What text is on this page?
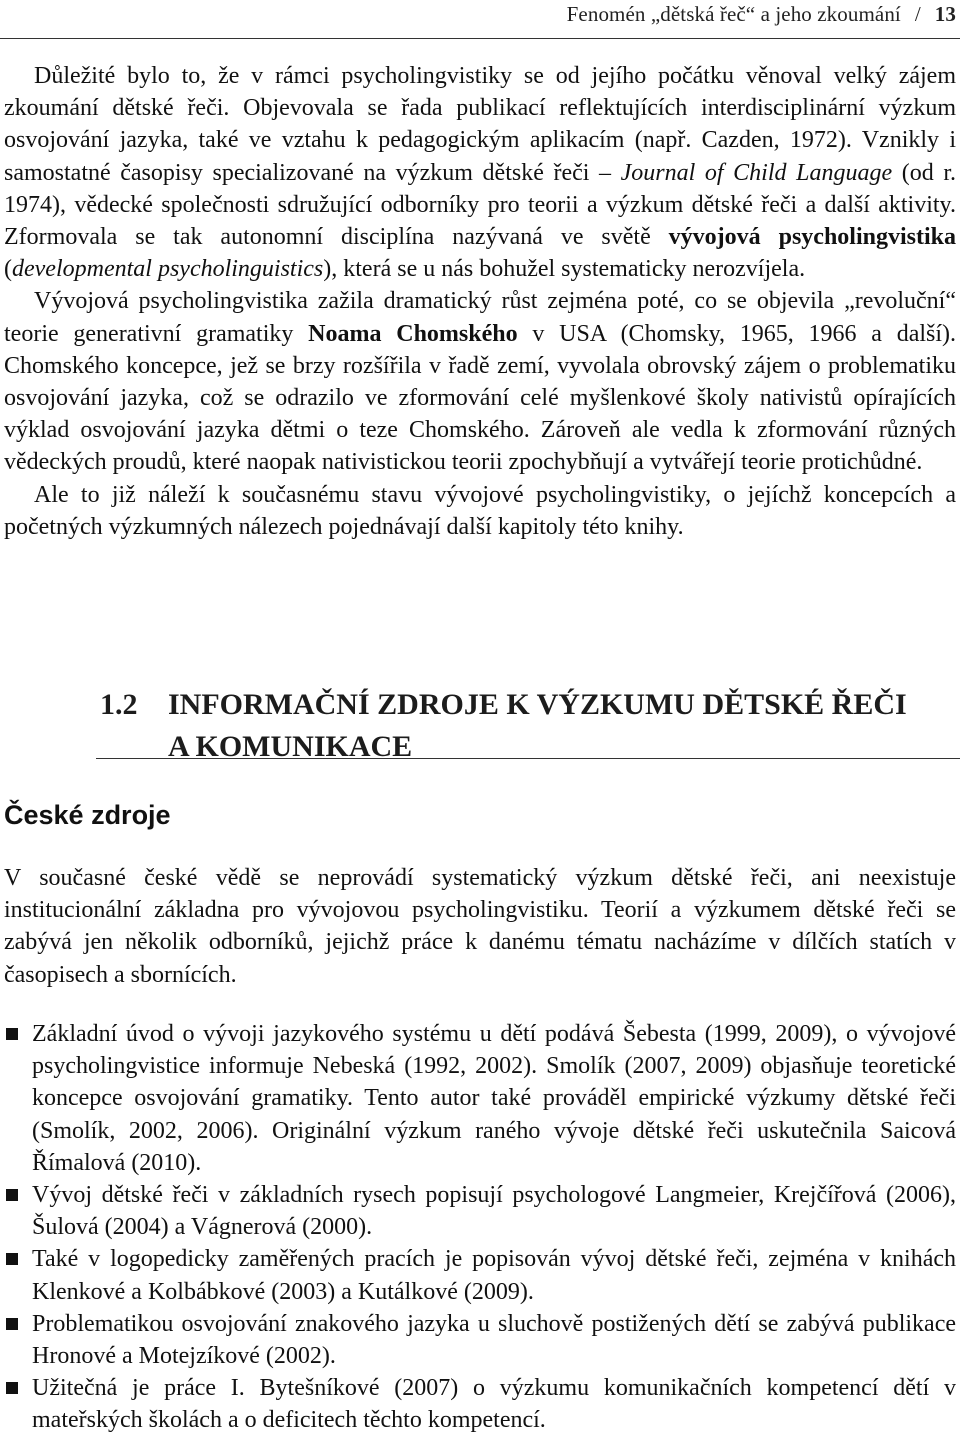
Fenomén „dětská řeč“ a jeho zkoumání / 13

Důležité bylo to, že v rámci psycholingvistiky se od jejího počátku věnoval velký zájem zkoumání dětské řeči. Objevovala se řada publikací reflektujících interdisciplinární výzkum osvojování jazyka, také ve vztahu k pedagogickým aplikacím (např. Cazden, 1972). Vznikly i samostatné časopisy specializované na výzkum dětské řeči – Journal of Child Language (od r. 1974), vědecké společnosti sdružující odborníky pro teorii a výzkum dětské řeči a další aktivity. Zformovala se tak autonomní disciplína nazývaná ve světě vývojová psycholingvistika (developmental psycholinguistics), která se u nás bohužel systematicky nerozvíjela.

Vývojová psycholingvistika zažila dramatický růst zejména poté, co se objevila „revoluční“ teorie generativní gramatiky Noama Chomského v USA (Chomsky, 1965, 1966 a další). Chomského koncepce, jež se brzy rozšířila v řadě zemí, vyvolala obrovský zájem o problematiku osvojování jazyka, což se odrazilo ve zformování celé myšlenkové školy nativistů opírajících výklad osvojování jazyka dětmi o teze Chomského. Zároveň ale vedla k zformování různých vědeckých proudů, které naopak nativistickou teorii zpochybňují a vytvářejí teorie protichůdné.

Ale to již náleží k současnému stavu vývojové psycholingvistiky, o jejíchž koncepcích a početných výzkumných nálezech pojednávají další kapitoly této knihy.

1.2 INFORMAČNÍ ZDROJE K VÝZKUMU DĚTSKÉ ŘEČI
A KOMUNIKACE
České zdroje

V současné české vědě se neprovádí systematický výzkum dětské řeči, ani neexistuje institucionální základna pro vývojovou psycholingvistiku. Teorií a výzkumem dětské řeči se zabývá jen několik odborníků, jejichž práce k danému tématu nacházíme v dílčích statích v časopisech a sbornících.

Základní úvod o vývoji jazykového systému u dětí podává Šebesta (1999, 2009), o vývojové psycholingvistice informuje Nebeská (1992, 2002). Smolík (2007, 2009) objasňuje teoretické koncepce osvojování gramatiky. Tento autor také prováděl empirické výzkumy dětské řeči (Smolík, 2002, 2006). Originální výzkum raného vývoje dětské řeči uskutečnila Saicová Římalová (2010).
Vývoj dětské řeči v základních rysech popisují psychologové Langmeier, Krejčířová (2006), Šulová (2004) a Vágnerová (2000).
Také v logopedicky zaměřených pracích je popisován vývoj dětské řeči, zejména v knihách Klenkové a Kolbábkové (2003) a Kutálkové (2009).
Problematikou osvojování znakového jazyka u sluchově postižených dětí se zabývá publikace Hronové a Motejzíkové (2002).
Užitečná je práce I. Bytešníkové (2007) o výzkumu komunikačních kompetencí dětí v mateřských školách a o deficitech těchto kompetencí.
